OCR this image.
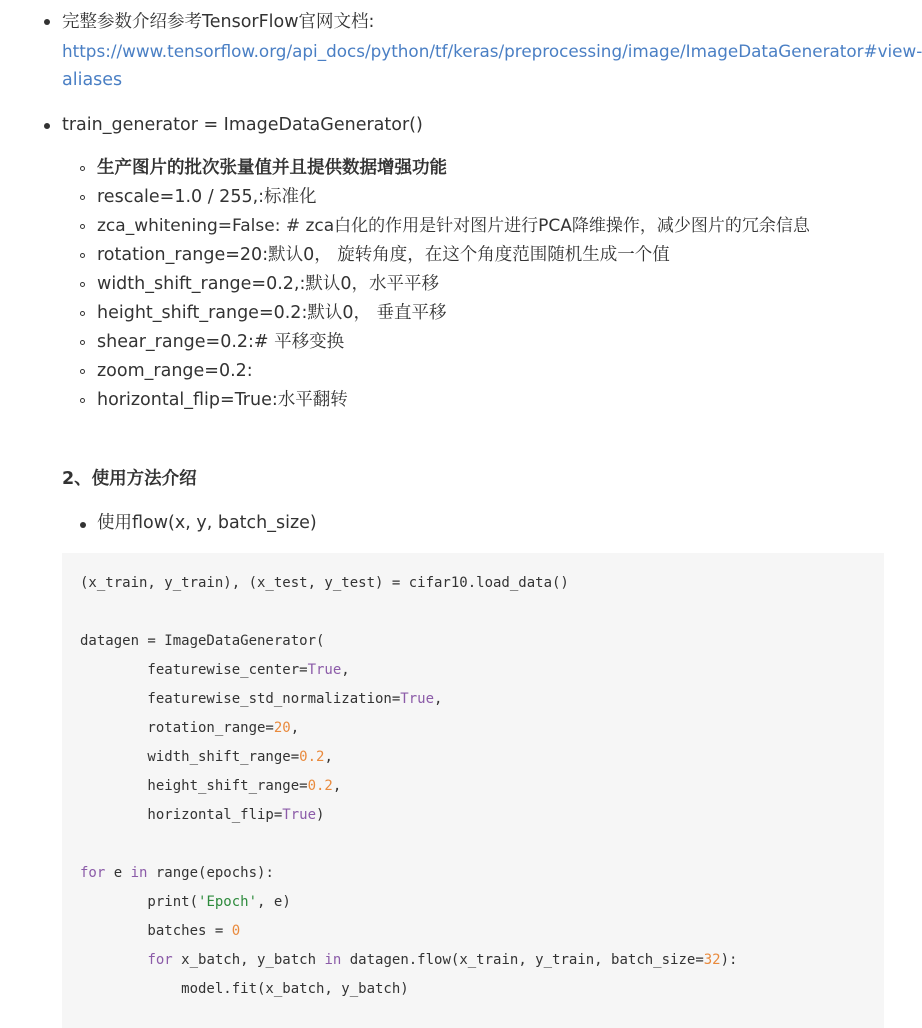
完整参数介绍参考TensorFlow官网文档:
https://www.tensorflow.org/api_docs/python/tf/keras/preprocessing/image/ImageDataGenerator#view-
aliases
train_generator = ImageDataGenerator()
生产图片的批次张量值并且提供数据增强功能
rescale=1.0 / 255,:标准化
zca_whitening=False: # zca白化的作用是针对图片进行PCA降维操作，减少图片的冗余信息
rotation_range=20:默认0， 旋转角度，在这个角度范围随机生成一个值
width_shift_range=0.2,:默认0，水平平移
height_shift_range=0.2:默认0， 垂直平移
shear_range=0.2:# 平移变换
zoom_range=0.2:
horizontal_flip=True:水平翻转
2、使用方法介绍
使用flow(x, y, batch_size)
(x_train, y_train), (x_test, y_test) = cifar10.load_data()
datagen = ImageDataGenerator(
featurewise_center=True,
featurewise_std_normalization=True,
rotation_range=20,
width_shift_range=0.2,
height_shift_range=0.2,
horizontal_flip=True)
for e in range(epochs):
print('Epoch', e)
batches = 0
for x_batch, y_batch in datagen.flow(x_train, y_train, batch_size=32):
model.fit(x_batch, y_batch)
